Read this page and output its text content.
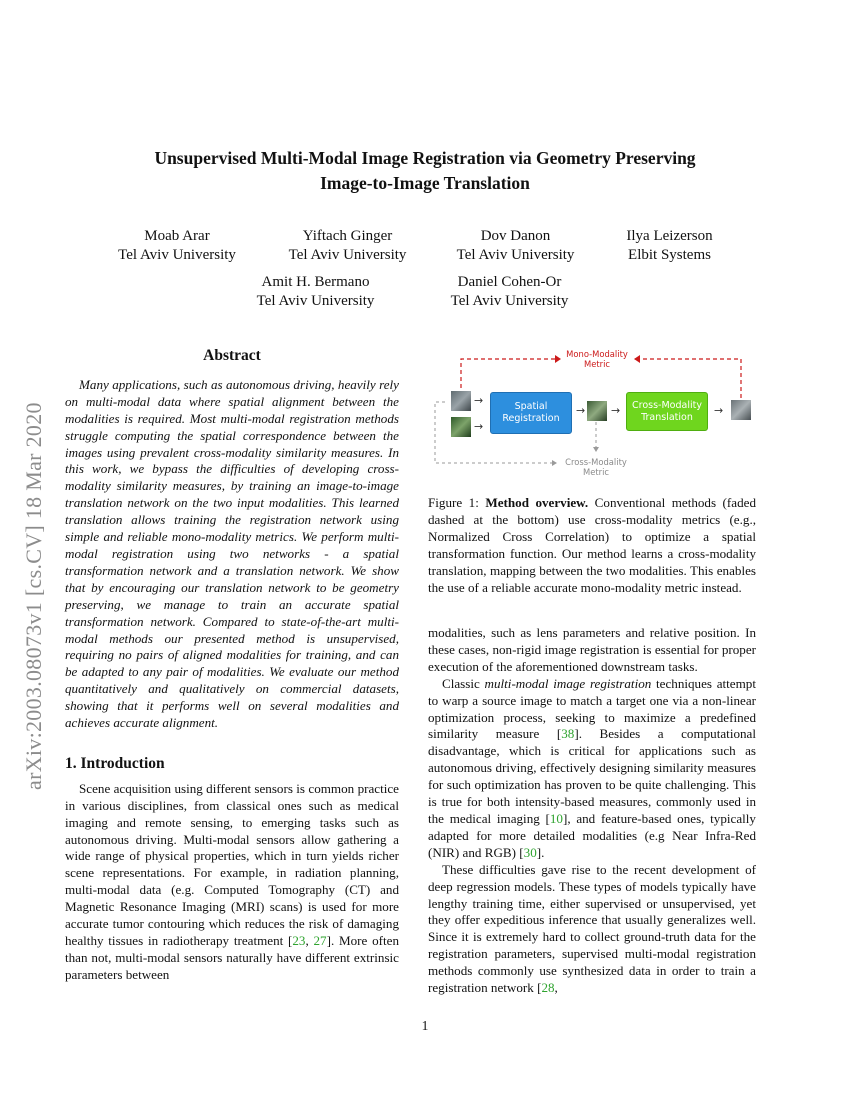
arXiv:2003.08073v1 [cs.CV] 18 Mar 2020
Unsupervised Multi-Modal Image Registration via Geometry Preserving
Image-to-Image Translation
Moab Arar
Tel Aviv University
Yiftach Ginger
Tel Aviv University
Dov Danon
Tel Aviv University
Ilya Leizerson
Elbit Systems
Amit H. Bermano
Tel Aviv University
Daniel Cohen-Or
Tel Aviv University
Abstract

Many applications, such as autonomous driving, heavily rely on multi-modal data where spatial alignment between the modalities is required. Most multi-modal registration methods struggle computing the spatial correspondence between the images using prevalent cross-modality similarity measures. In this work, we bypass the difficulties of developing cross-modality similarity measures, by training an image-to-image translation network on the two input modalities. This learned translation allows training the registration network using simple and reliable mono-modality metrics. We perform multi-modal registration using two networks - a spatial transformation network and a translation network. We show that by encouraging our translation network to be geometry preserving, we manage to train an accurate spatial transformation network. Compared to state-of-the-art multi-modal methods our presented method is unsupervised, requiring no pairs of aligned modalities for training, and can be adapted to any pair of modalities. We evaluate our method quantitatively and qualitatively on commercial datasets, showing that it performs well on several modalities and achieves accurate alignment.

1. Introduction

Scene acquisition using different sensors is common practice in various disciplines, from classical ones such as medical imaging and remote sensing, to emerging tasks such as autonomous driving. Multi-modal sensors allow gathering a wide range of physical properties, which in turn yields richer scene representations. For example, in radiation planning, multi-modal data (e.g. Computed Tomography (CT) and Magnetic Resonance Imaging (MRI) scans) is used for more accurate tumor contouring which reduces the risk of damaging healthy tissues in radiotherapy treatment [23, 27]. More often than not, multi-modal sensors naturally have different extrinsic parameters between

Mono-Modality
Metric
→
→
Spatial
Registration
→ → Cross-Modality
Translation	→
Cross-Modality
Metric

Figure 1: Method overview. Conventional methods (faded dashed at the bottom) use cross-modality metrics (e.g., Normalized Cross Correlation) to optimize a spatial transformation function. Our method learns a cross-modality translation, mapping between the two modalities. This enables the use of a reliable accurate mono-modality metric instead.

modalities, such as lens parameters and relative position. In these cases, non-rigid image registration is essential for proper execution of the aforementioned downstream tasks.

Classic multi-modal image registration techniques attempt to warp a source image to match a target one via a non-linear optimization process, seeking to maximize a predefined similarity measure [38]. Besides a computational disadvantage, which is critical for applications such as autonomous driving, effectively designing similarity measures for such optimization has proven to be quite challenging. This is true for both intensity-based measures, commonly used in the medical imaging [10], and feature-based ones, typically adapted for more detailed modalities (e.g Near Infra-Red (NIR) and RGB) [30].

These difficulties gave rise to the recent development of deep regression models. These types of models typically have lengthy training time, either supervised or unsupervised, yet they offer expeditious inference that usually generalizes well. Since it is extremely hard to collect ground-truth data for the registration parameters, supervised multi-modal registration methods commonly use synthesized data in order to train a registration network [28,

1
